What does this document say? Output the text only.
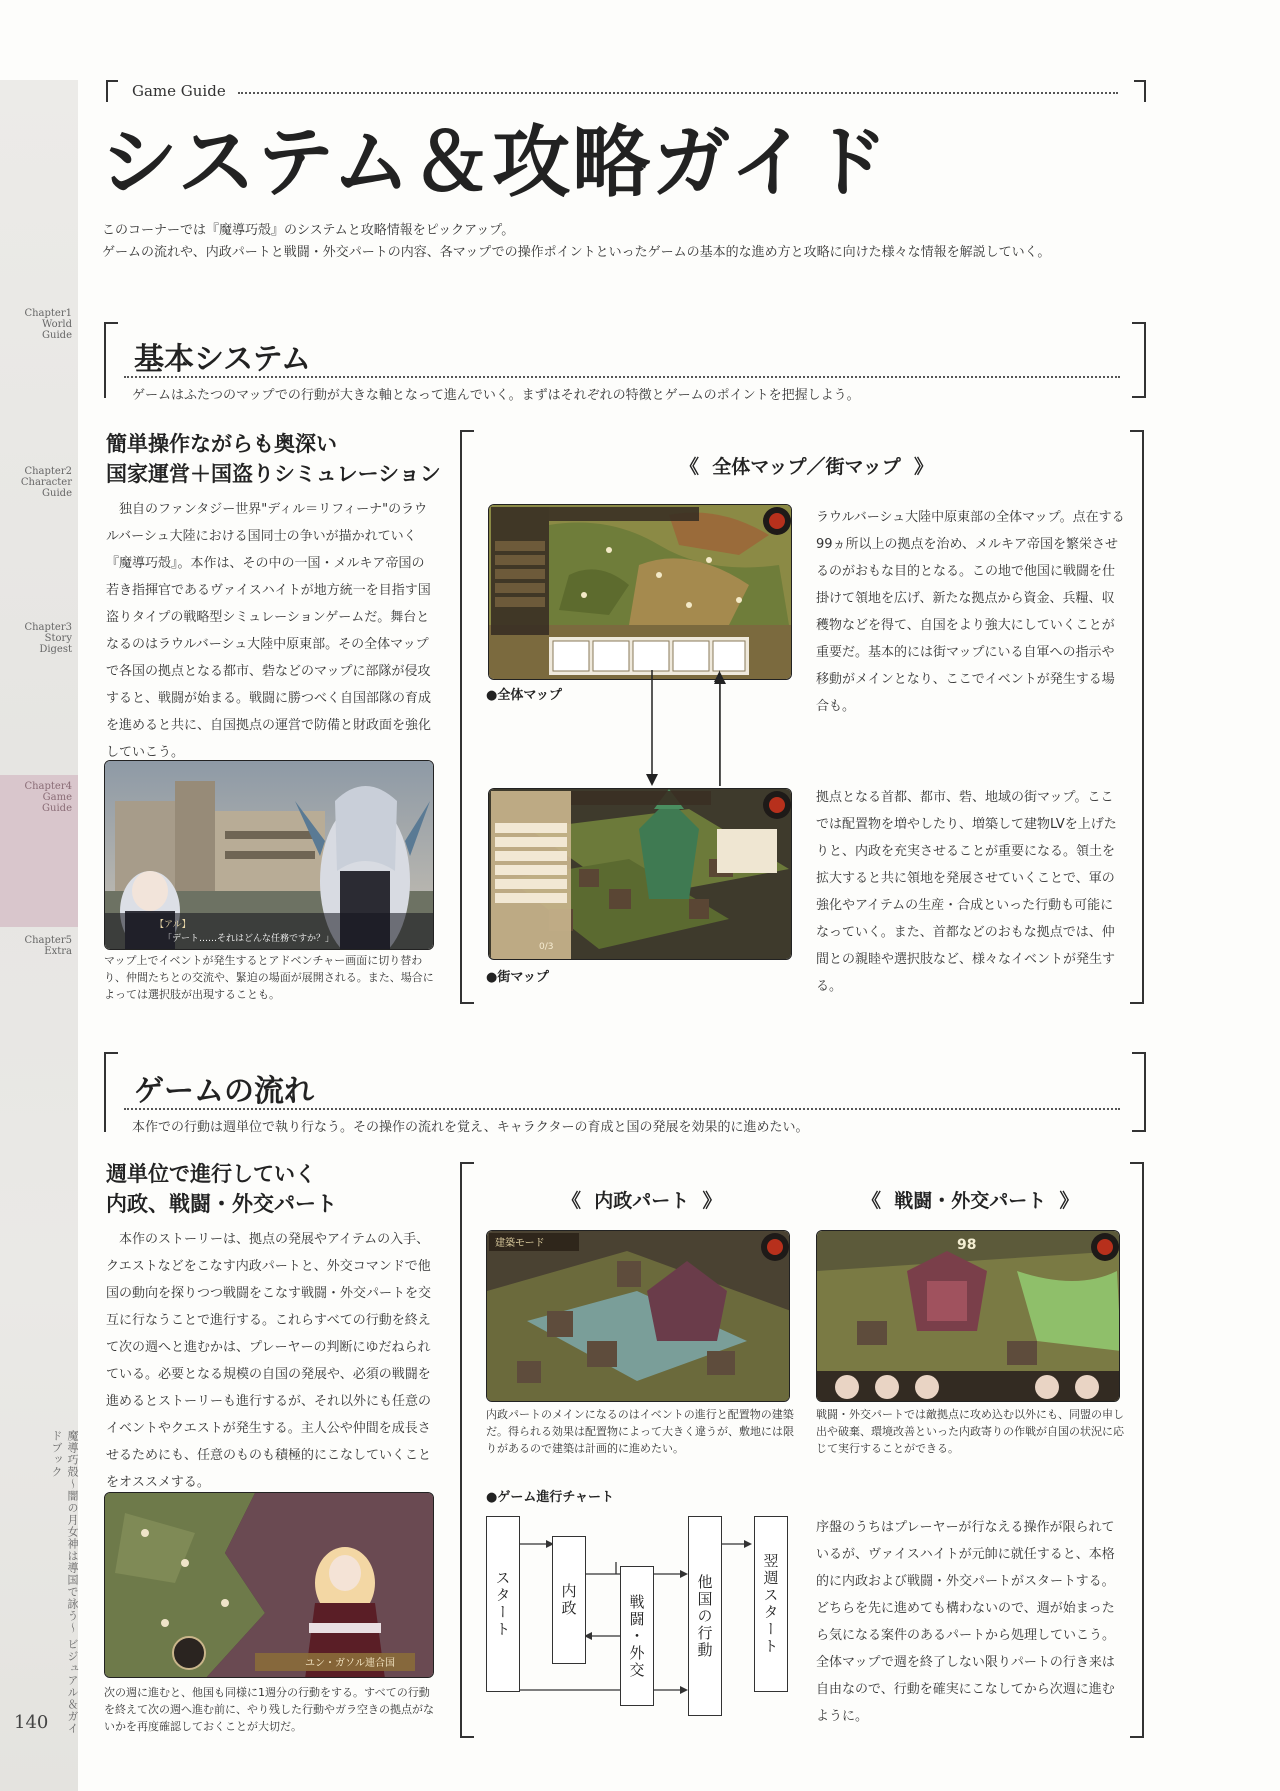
Chapter1
World
Guide
Chapter2
Character
Guide
Chapter3
Story
Digest
Chapter4
Game
Guide
Chapter5
Extra
魔導巧殻〜闇の月女神は導国で詠う〜 ビジュアル＆ガイドブック
140
Game Guide
システム＆攻略ガイド
このコーナーでは『魔導巧殻』のシステムと攻略情報をピックアップ。
ゲームの流れや、内政パートと戦闘・外交パートの内容、各マップでの操作ポイントといったゲームの基本的な進め方と攻略に向けた様々な情報を解説していく。
基本システム
ゲームはふたつのマップでの行動が大きな軸となって進んでいく。まずはそれぞれの特徴とゲームのポイントを把握しよう。
簡単操作ながらも奥深い
国家運営＋国盗りシミュレーション
独自のファンタジー世界"ディル＝リフィーナ"のラウルバーシュ大陸における国同士の争いが描かれていく『魔導巧殻』。本作は、その中の一国・メルキア帝国の若き指揮官であるヴァイスハイトが地方統一を目指す国盗りタイプの戦略型シミュレーションゲームだ。舞台となるのはラウルバーシュ大陸中原東部。その全体マップで各国の拠点となる都市、砦などのマップに部隊が侵攻すると、戦闘が始まる。戦闘に勝つべく自国部隊の育成を進めると共に、自国拠点の運営で防備と財政面を強化していこう。
【アル】
「デート……それはどんな任務ですか？」
マップ上でイベントが発生するとアドベンチャー画面に切り替わり、仲間たちとの交流や、緊迫の場面が展開される。また、場合によっては選択肢が出現することも。
《 全体マップ／街マップ 》
●全体マップ
ラウルバーシュ大陸中原東部の全体マップ。点在する99ヵ所以上の拠点を治め、メルキア帝国を繁栄させるのがおもな目的となる。この地で他国に戦闘を仕掛けて領地を広げ、新たな拠点から資金、兵糧、収穫物などを得て、自国をより強大にしていくことが重要だ。基本的には街マップにいる自軍への指示や移動がメインとなり、ここでイベントが発生する場合も。
0/3
●街マップ
拠点となる首都、都市、砦、地域の街マップ。ここでは配置物を増やしたり、増築して建物LVを上げたりと、内政を充実させることが重要になる。領土を拡大すると共に領地を発展させていくことで、軍の強化やアイテムの生産・合成といった行動も可能になっていく。また、首都などのおもな拠点では、仲間との親睦や選択肢など、様々なイベントが発生する。
ゲームの流れ
本作での行動は週単位で執り行なう。その操作の流れを覚え、キャラクターの育成と国の発展を効果的に進めたい。
週単位で進行していく
内政、戦闘・外交パート
本作のストーリーは、拠点の発展やアイテムの入手、クエストなどをこなす内政パートと、外交コマンドで他国の動向を探りつつ戦闘をこなす戦闘・外交パートを交互に行なうことで進行する。これらすべての行動を終えて次の週へと進むかは、プレーヤーの判断にゆだねられている。必要となる規模の自国の発展や、必須の戦闘を進めるとストーリーも進行するが、それ以外にも任意のイベントやクエストが発生する。主人公や仲間を成長させるためにも、任意のものも積極的にこなしていくことをオススメする。
ユン・ガソル連合国
次の週に進むと、他国も同様に1週分の行動をする。すべての行動を終えて次の週へ進む前に、やり残した行動やガラ空きの拠点がないかを再度確認しておくことが大切だ。
《 内政パート 》	《 戦闘・外交パート 》
建築モード
内政パートのメインになるのはイベントの進行と配置物の建築だ。得られる効果は配置物によって大きく違うが、敷地には限りがあるので建築は計画的に進めたい。
98
戦闘・外交パートでは敵拠点に攻め込む以外にも、同盟の申し出や破棄、環境改善といった内政寄りの作戦が自国の状況に応じて実行することができる。
●ゲーム進行チャート
スタート	内政	戦闘・外交	他国の行動	翌週スタート
序盤のうちはプレーヤーが行なえる操作が限られているが、ヴァイスハイトが元帥に就任すると、本格的に内政および戦闘・外交パートがスタートする。どちらを先に進めても構わないので、週が始まったら気になる案件のあるパートから処理していこう。全体マップで週を終了しない限りパートの行き来は自由なので、行動を確実にこなしてから次週に進むように。
